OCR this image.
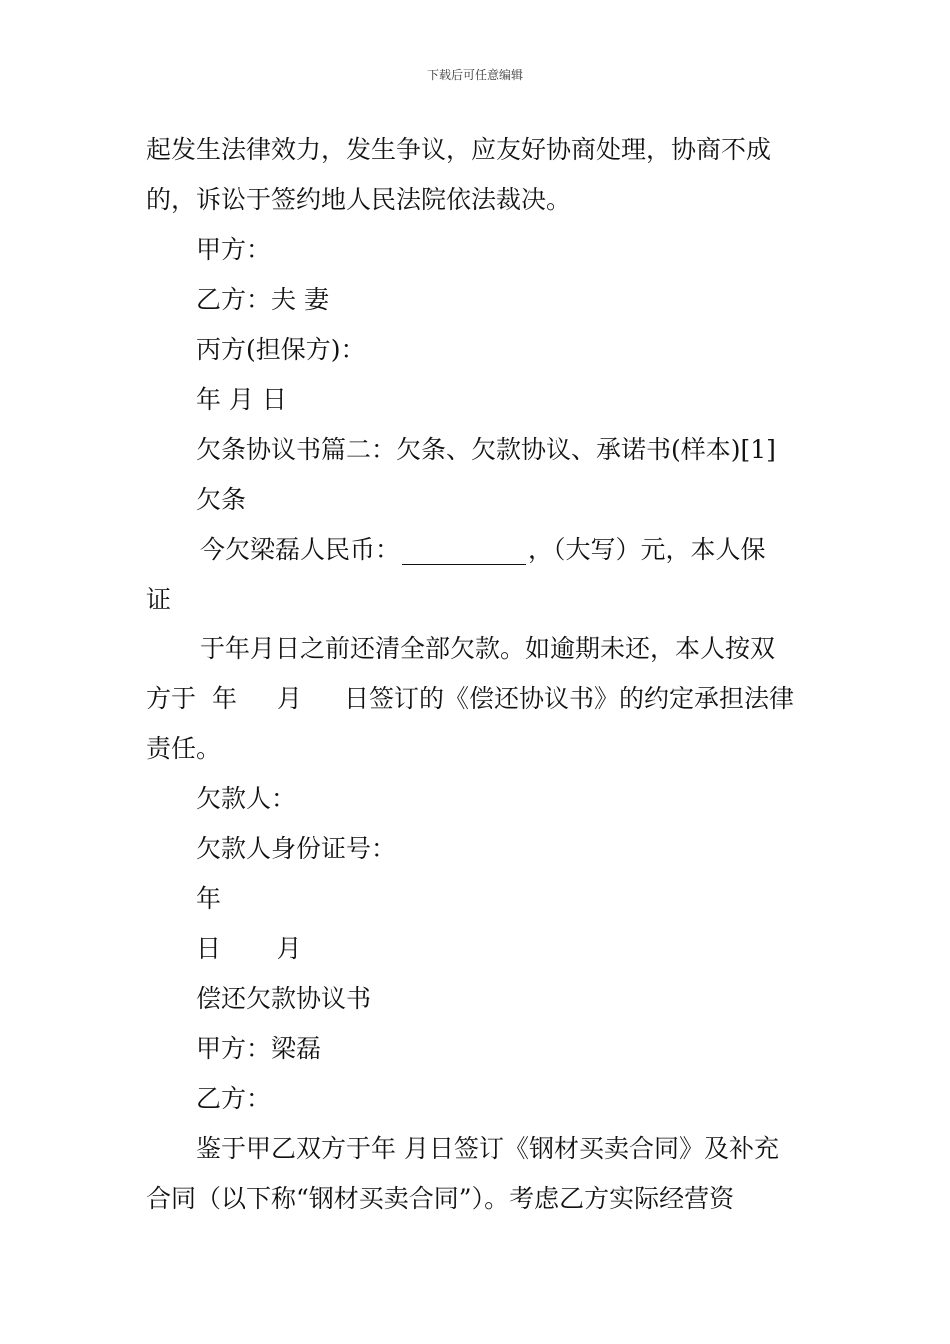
下载后可任意编辑
起发生法律效力，发生争议，应友好协商处理，协商不成
的，诉讼于签约地人民法院依法裁决。
甲方：
乙方：夫 妻
丙方(担保方)：
年 月 日
欠条协议书篇二：欠条、欠款协议、承诺书(样本)[1]
欠条
今欠梁磊人民币：	，（大写）元，本人保
证
于年月日之前还清全部欠款。如逾期未还，本人按双
方于 年 月 日签订的《偿还协议书》的约定承担法律
责任。
欠款人：
欠款人身份证号：
年
日       月
偿还欠款协议书
甲方：梁磊
乙方：
鉴于甲乙双方于年 月日签订《钢材买卖合同》及补充
合同（以下称“钢材买卖合同”）。考虑乙方实际经营资
